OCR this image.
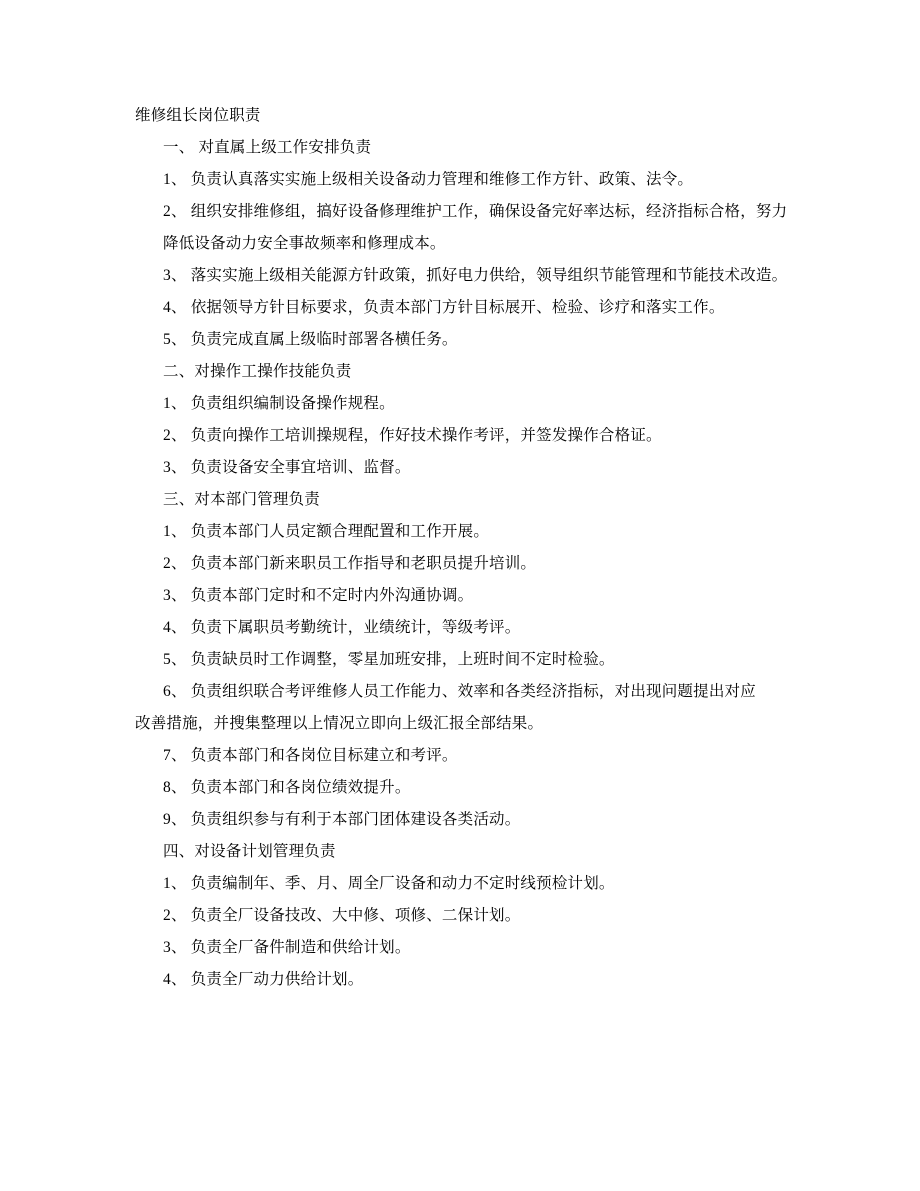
维修组长岗位职责

一、 对直属上级工作安排负责

1、 负责认真落实实施上级相关设备动力管理和维修工作方针、政策、法令。

2、 组织安排维修组，搞好设备修理维护工作，确保设备完好率达标，经济指标合格，努力

降低设备动力安全事故频率和修理成本。

3、 落实实施上级相关能源方针政策，抓好电力供给，领导组织节能管理和节能技术改造。

4、 依据领导方针目标要求，负责本部门方针目标展开、检验、诊疗和落实工作。

5、 负责完成直属上级临时部署各横任务。

二、对操作工操作技能负责

1、 负责组织编制设备操作规程。

2、 负责向操作工培训操规程，作好技术操作考评，并签发操作合格证。

3、 负责设备安全事宜培训、监督。

三、对本部门管理负责

1、 负责本部门人员定额合理配置和工作开展。

2、 负责本部门新来职员工作指导和老职员提升培训。

3、 负责本部门定时和不定时内外沟通协调。

4、 负责下属职员考勤统计，业绩统计，等级考评。

5、 负责缺员时工作调整，零星加班安排，上班时间不定时检验。

6、 负责组织联合考评维修人员工作能力、效率和各类经济指标，对出现问题提出对应

改善措施，并搜集整理以上情况立即向上级汇报全部结果。

7、 负责本部门和各岗位目标建立和考评。

8、 负责本部门和各岗位绩效提升。

9、 负责组织参与有利于本部门团体建设各类活动。

四、对设备计划管理负责

1、 负责编制年、季、月、周全厂设备和动力不定时线预检计划。

2、 负责全厂设备技改、大中修、项修、二保计划。

3、 负责全厂备件制造和供给计划。

4、 负责全厂动力供给计划。
